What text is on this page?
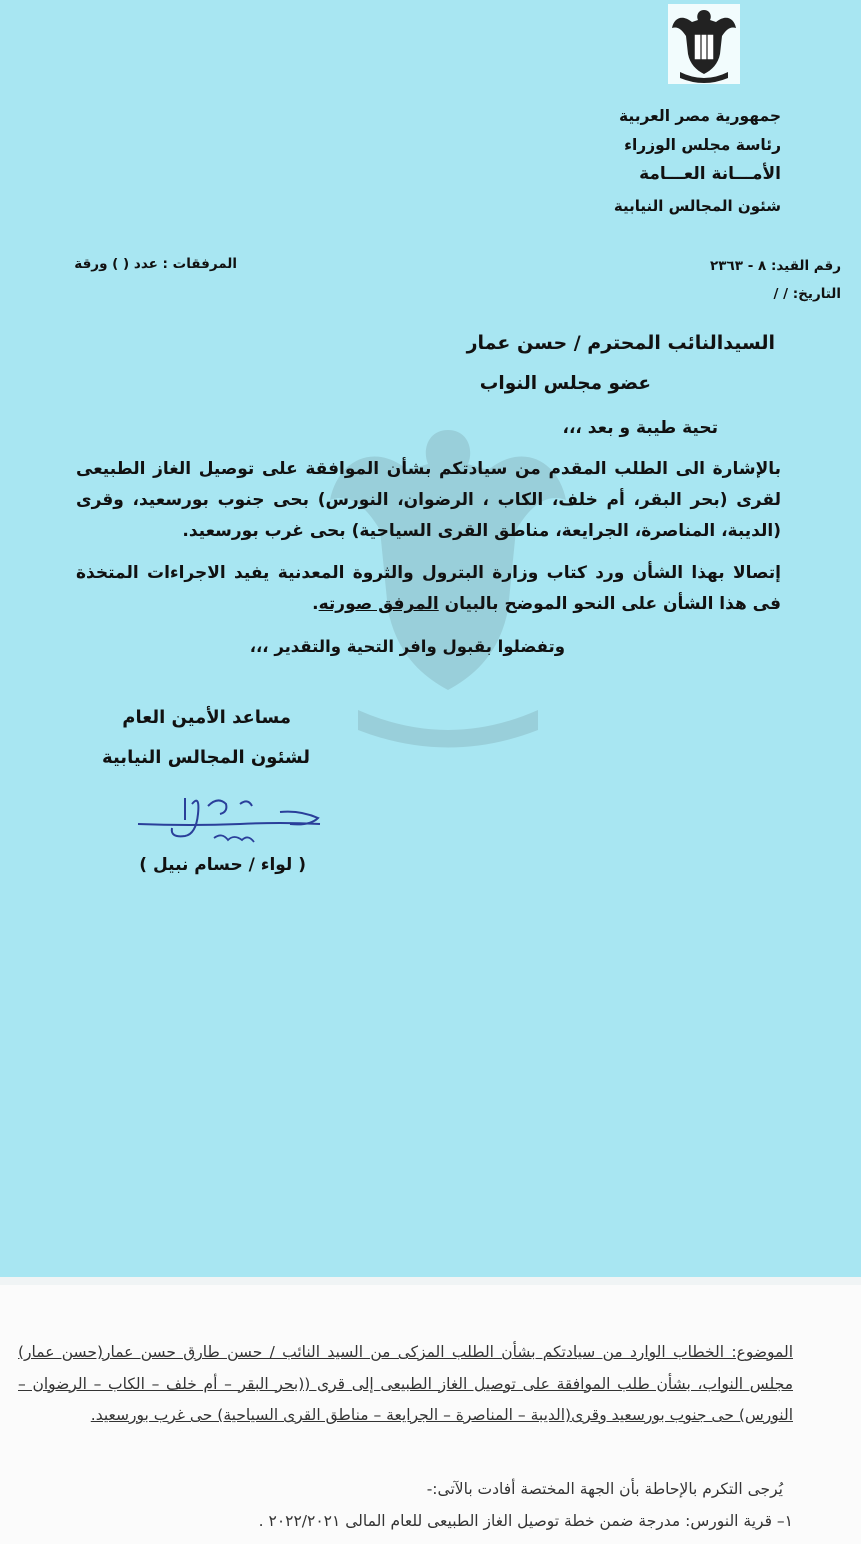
جمهورية مصر العربية
رئاسة مجلس الوزراء
الأمـــانة العـــامة
شئون المجالس النيابية
رقم القيد: ٨ - ٢٣٦٣
التاريخ: / /
المرفقات : عدد ( ) ورقة
السيدالنائب المحترم / حسن عمار
عضو مجلس النواب
تحية طيبة و بعد ،،،
بالإشارة الى الطلب المقدم من سيادتكم بشأن الموافقة على توصيل الغاز الطبيعى لقرى (بحر البقر، أم خلف، الكاب ، الرضوان، النورس) بحى جنوب بورسعيد، وقرى (الديبة، المناصرة، الجرايعة، مناطق القرى السياحية) بحى غرب بورسعيد.
إتصالا بهذا الشأن ورد كتاب وزارة البترول والثروة المعدنية يفيد الاجراءات المتخذة فى هذا الشأن على النحو الموضح بالبيان المرفق صورته.
وتفضلوا بقبول وافر التحية والتقدير ،،،
مساعد الأمين العام
لشئون المجالس النيابية
( لواء / حسام نبيل )
الموضوع: الخطاب الوارد من سيادتكم بشأن الطلب المزكى من السيد النائب / حسن طارق حسن عمار(حسن عمار) مجلس النواب، بشأن طلب الموافقة على توصيل الغاز الطبيعى إلى قرى ((بحر البقر – أم خلف – الكاب – الرضوان – النورس) حى جنوب بورسعيد وقرى(الديبة – المناصرة – الجرايعة – مناطق القرى السياحية) حى غرب بورسعيد.
يُرجى التكرم بالإحاطة بأن الجهة المختصة أفادت بالآتى:-
١– قرية النورس: مدرجة ضمن خطة توصيل الغاز الطبيعى للعام المالى ٢٠٢٢/٢٠٢١ .
